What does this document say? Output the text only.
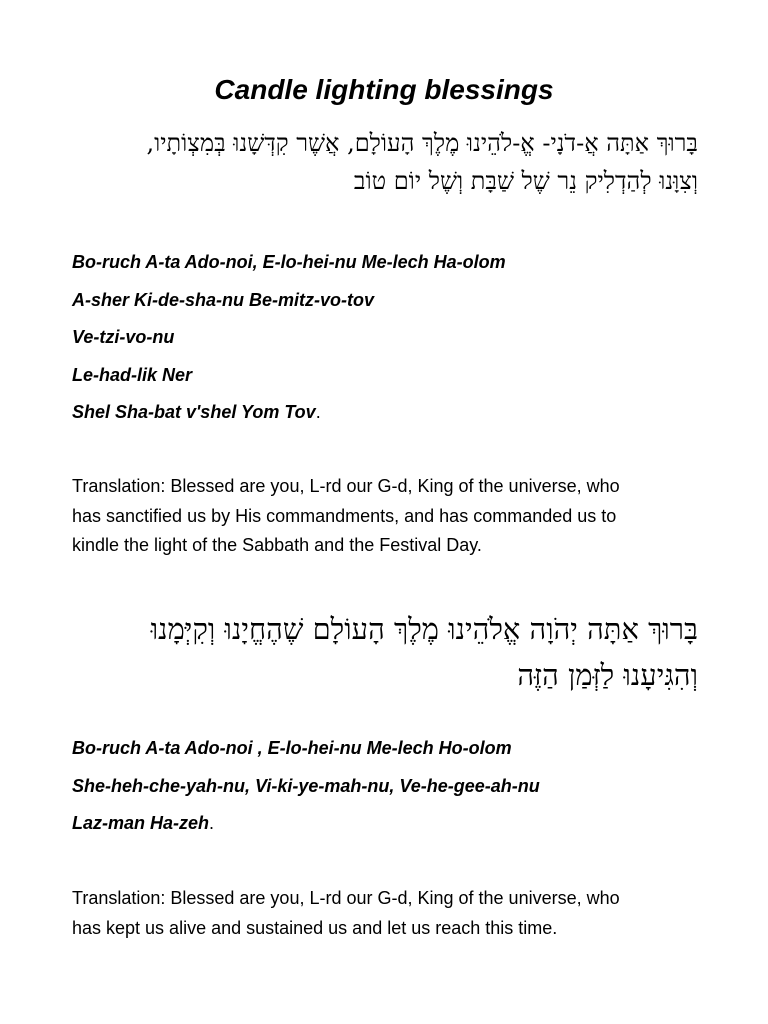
Candle lighting blessings

בָּרוּךְ אַתָּה אֲ-דֹנָי- אֱ-לֹהֵינוּ מֶלֶךְ הָעוֹלָם, אֲשֶׁר קִדְּשָׁנוּ בְּמִצְוֹתָיו,
וְצִוָּנוּ לְהַדְלִיק נֵר שֶׁל שַׁבָּת וְשֶׁל יוֹם טוֹב

Bo-ruch A-ta Ado-noi, E-lo-hei-nu Me-lech Ha-olom
A-sher Ki-de-sha-nu Be-mitz-vo-tov
Ve-tzi-vo-nu
Le-had-lik Ner
Shel Sha-bat v'shel Yom Tov.

Translation: Blessed are you, L-rd our G-d, King of the universe, who
has sanctified us by His commandments, and has commanded us to
kindle the light of the Sabbath and the Festival Day.

בָּרוּךְ אַתָּה יְהֹוָה אֱלֹהֵינוּ מֶלֶךְ הָעוֹלָם שֶׁהֶחֱיָנוּ וְקִיְּמָנוּ
וְהִגִּיעָנוּ לַזְּמַן הַזֶּה

Bo-ruch A-ta Ado-noi , E-lo-hei-nu Me-lech Ho-olom
She-heh-che-yah-nu, Vi-ki-ye-mah-nu, Ve-he-gee-ah-nu
Laz-man Ha-zeh.

Translation: Blessed are you, L-rd our G-d, King of the universe, who
has kept us alive and sustained us and let us reach this time.
